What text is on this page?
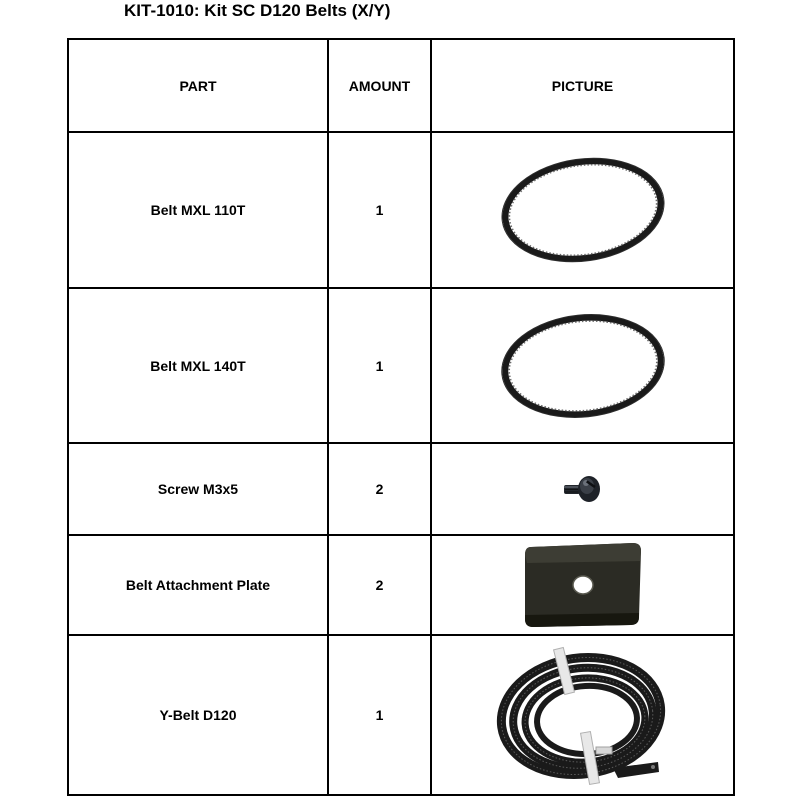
KIT-1010: Kit SC D120 Belts (X/Y)
PART	AMOUNT	PICTURE
Belt MXL 110T	1	

Belt MXL 140T	1	

Screw M3x5	2	

Belt Attachment Plate	2	

Y-Belt D120	1	
